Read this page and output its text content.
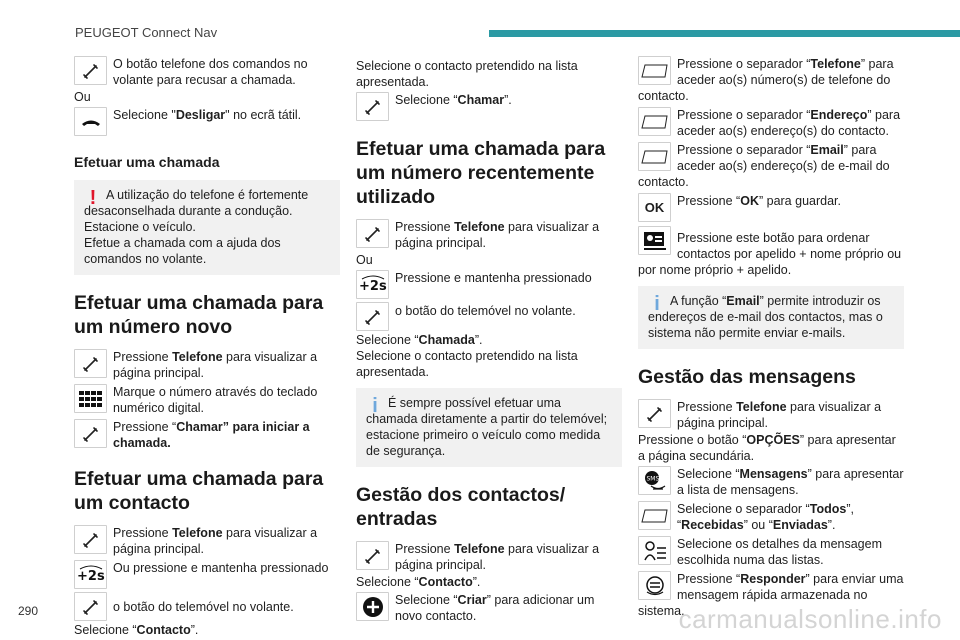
PEUGEOT Connect Nav

O botão telefone dos comandos no volante para recusar a chamada.

Ou

Selecione "Desligar" no ecrã tátil.

Efetuar uma chamada
! A utilização do telefone é fortemente desaconselhada durante a condução.

Estacione o veículo.

Efetue a chamada com a ajuda dos comandos no volante.

Efetuar uma chamada para um número novo

Pressione Telefone para visualizar a página principal.

Marque o número através do teclado numérico digital.

Pressione “Chamar” para iniciar a chamada.

Efetuar uma chamada para um contacto

Pressione Telefone para visualizar a página principal.

+2s

Ou pressione e mantenha pressionado

o botão do telemóvel no volante.

Selecione “Contacto”.

Selecione o contacto pretendido na lista apresentada.

Selecione “Chamar”.

Efetuar uma chamada para um número recentemente utilizado

Pressione Telefone para visualizar a página principal.

Ou

+2s

Pressione e mantenha pressionado

o botão do telemóvel no volante.

Selecione “Chamada”.

Selecione o contacto pretendido na lista apresentada.

i É sempre possível efetuar uma chamada diretamente a partir do telemóvel; estacione primeiro o veículo como medida de segurança.

Gestão dos contactos/ entradas

Pressione Telefone para visualizar a página principal.

Selecione “Contacto”.

Selecione “Criar” para adicionar um novo contacto.

Pressione o separador “Telefone” para aceder ao(s) número(s) de telefone do contacto.

Pressione o separador “Endereço” para aceder ao(s) endereço(s) do contacto.

Pressione o separador “Email” para aceder ao(s) endereço(s) de e-mail do contacto.

OK	Pressione “OK” para guardar.

Pressione este botão para ordenar contactos por apelido + nome próprio ou por nome próprio + apelido.

i A função “Email” permite introduzir os endereços de e-mail dos contactos, mas o sistema não permite enviar e-mails.

Gestão das mensagens

Pressione Telefone para visualizar a página principal.

Pressione o botão “OPÇÕES” para apresentar a página secundária.

SMS	Selecione “Mensagens” para apresentar a lista de mensagens.

Selecione o separador “Todos”, “Recebidas” ou “Enviadas”.

Selecione os detalhes da mensagem escolhida numa das listas.

Pressione “Responder” para enviar uma mensagem rápida armazenada no sistema.

290	carmanualsonline.info
